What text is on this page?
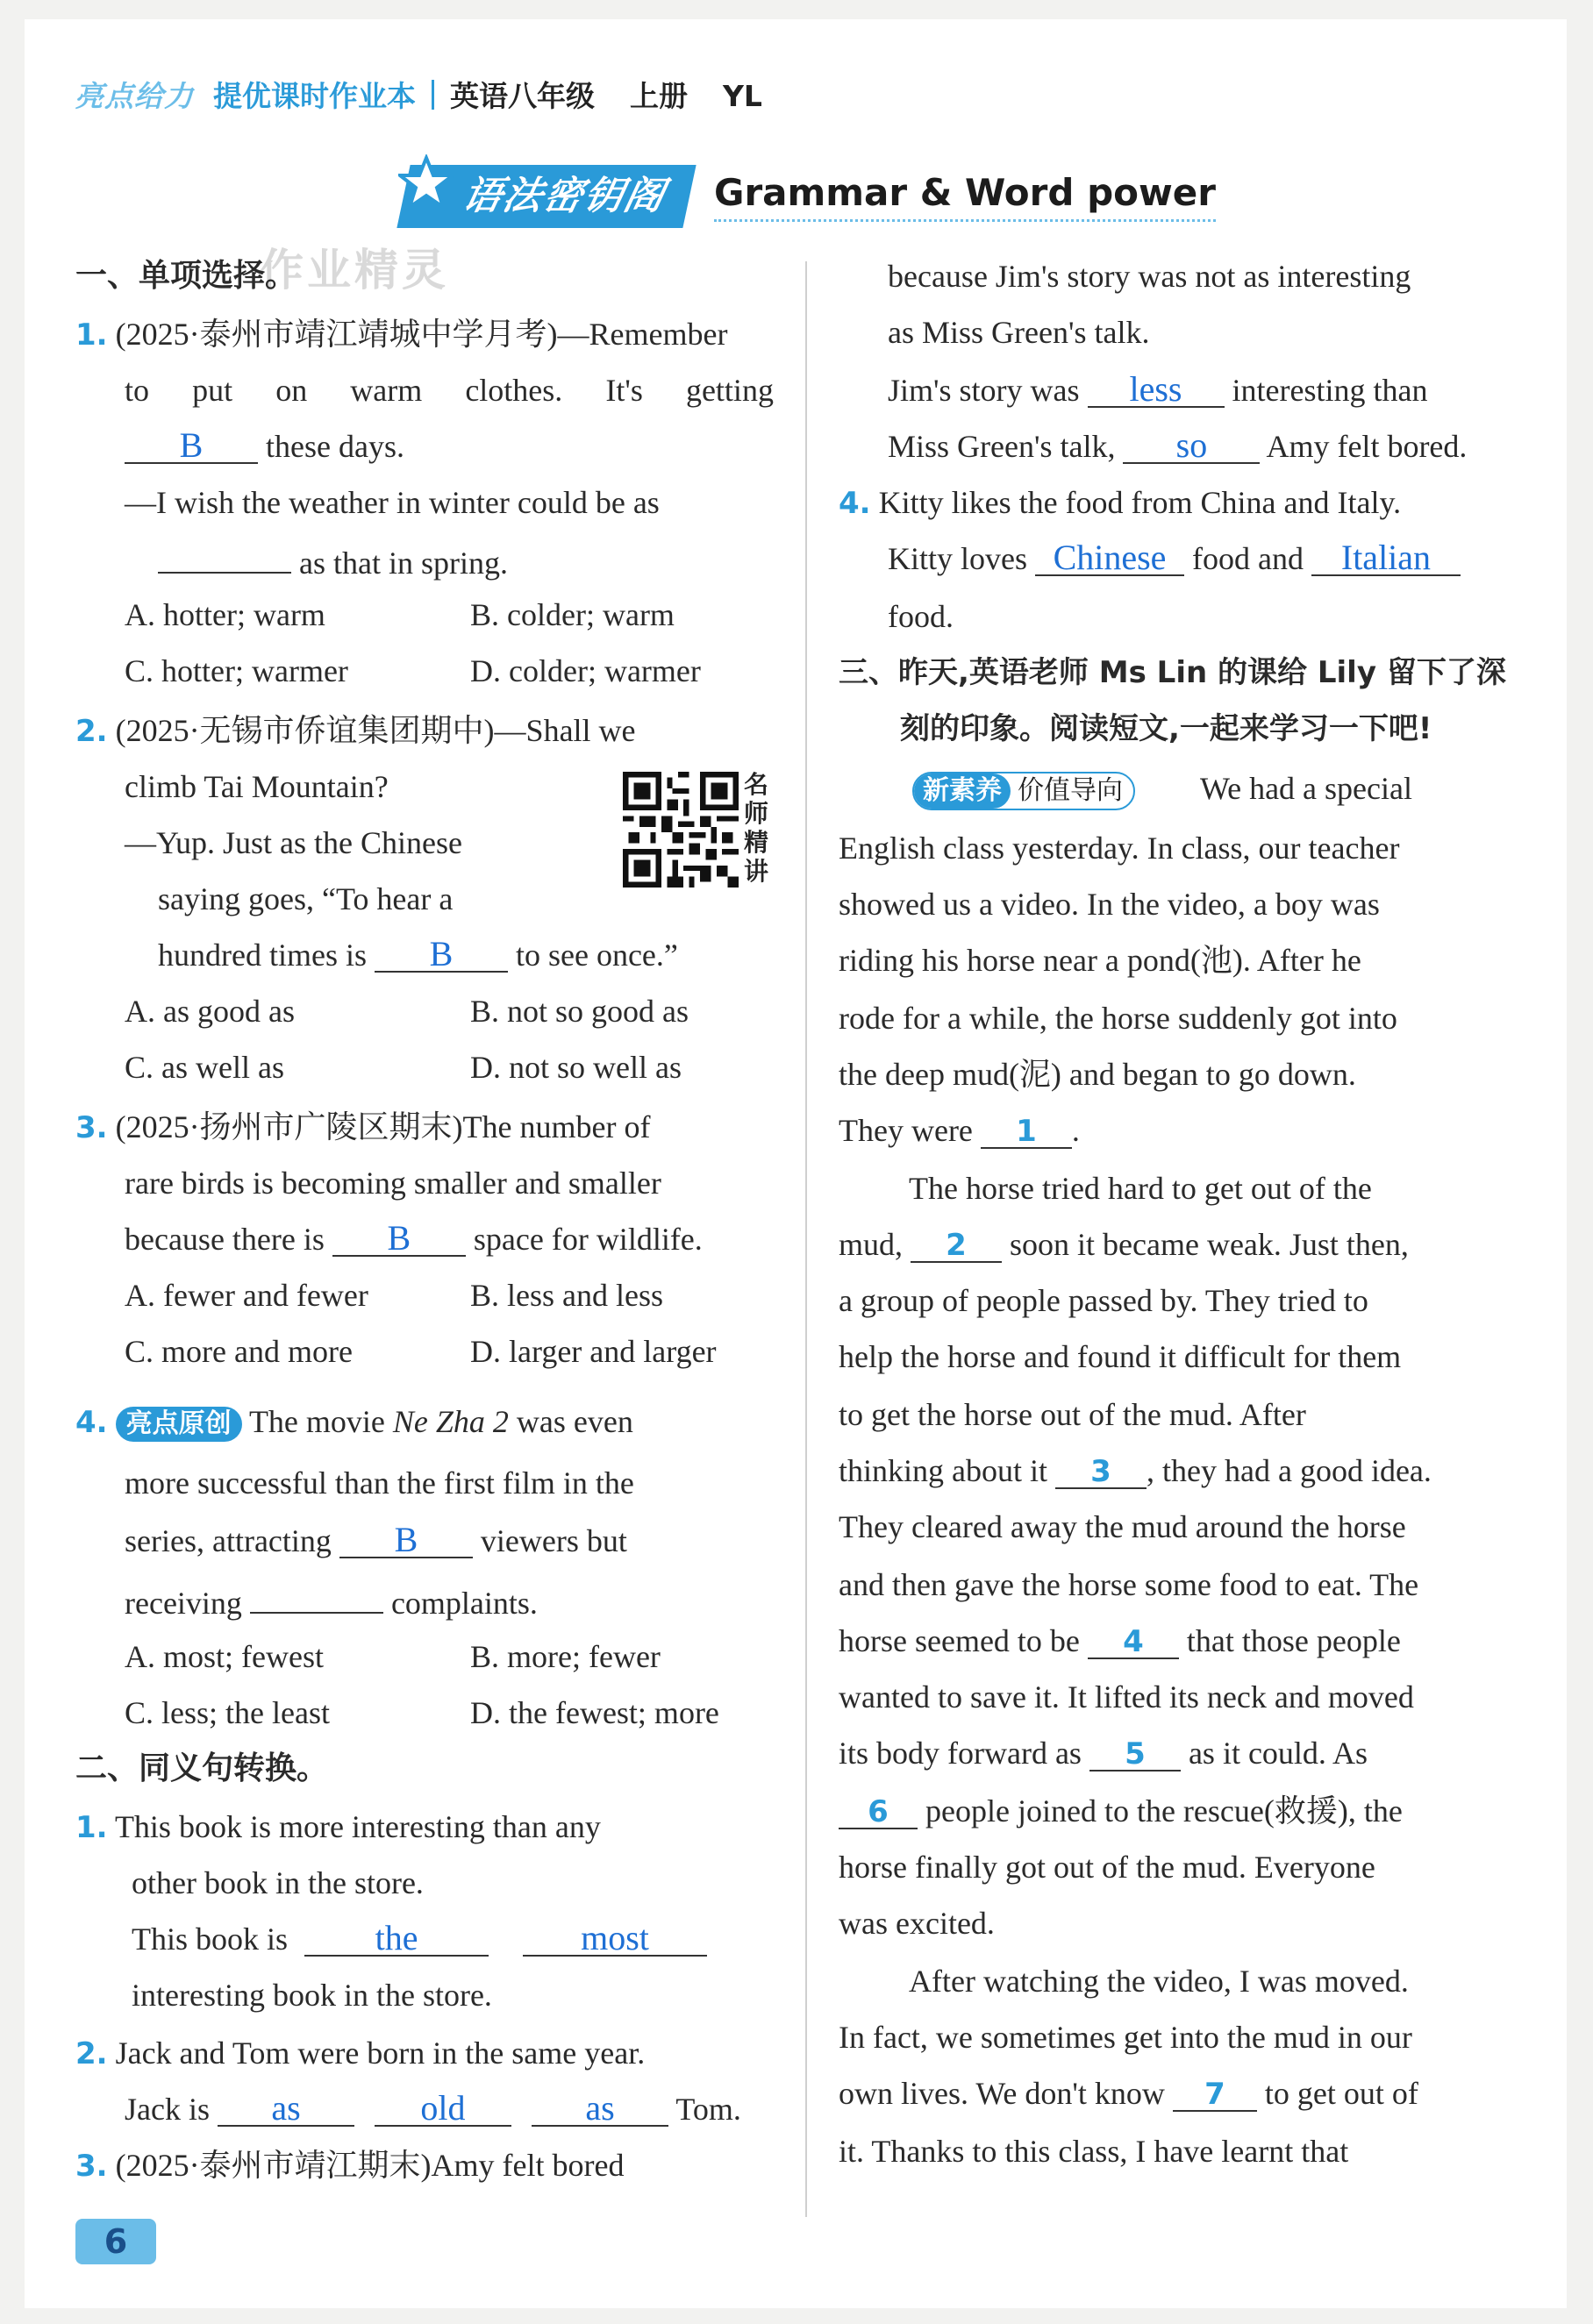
亮点给力 提优课时作业本 英语八年级 上册 YL
语法密钥阁	Grammar & Word power
作业精灵
一、单项选择。
1. (2025·泰州市靖江靖城中学月考)—Remember
to put on warm clothes. It's getting
B these days.
—I wish the weather in winter could be as
as that in spring.
A. hotter; warm	B. colder; warm
C. hotter; warmer	D. colder; warmer
2. (2025·无锡市侨谊集团期中)—Shall we
climb Tai Mountain?	名师精讲
—Yup. Just as the Chinese
saying goes, “To hear a
hundred times is B to see once.”
A. as good as	B. not so good as
C. as well as	D. not so well as
3. (2025·扬州市广陵区期末)The number of
rare birds is becoming smaller and smaller
because there is B space for wildlife.
A. fewer and fewer	B. less and less
C. more and more	D. larger and larger
4. 亮点原创 The movie Ne Zha 2 was even
more successful than the first film in the
series, attracting B viewers but
receiving	complaints.
A. most; fewest	B. more; fewer
C. less; the least	D. the fewest; more
二、同义句转换。
1. This book is more interesting than any
other book in the store.
This book is the	most
interesting book in the store.
2. Jack and Tom were born in the same year.
Jack is as	old	as Tom.
3. (2025·泰州市靖江期末)Amy felt bored
because Jim's story was not as interesting
as Miss Green's talk.
Jim's story was less interesting than
Miss Green's talk, so Amy felt bored.
4. Kitty likes the food from China and Italy.
Kitty loves Chinese food and Italian
food.
三、昨天,英语老师 Ms Lin 的课给 Lily 留下了深
刻的印象。阅读短文,一起来学习一下吧!
新素养 价值导向	We had a special
English class yesterday. In class, our teacher
showed us a video. In the video, a boy was
riding his horse near a pond(池). After he
rode for a while, the horse suddenly got into
the deep mud(泥) and began to go down.
They were 1 .
The horse tried hard to get out of the
mud, 2 soon it became weak. Just then,
a group of people passed by. They tried to
help the horse and found it difficult for them
to get the horse out of the mud. After
thinking about it 3 , they had a good idea.
They cleared away the mud around the horse
and then gave the horse some food to eat. The
horse seemed to be 4 that those people
wanted to save it. It lifted its neck and moved
its body forward as 5 as it could. As
6 people joined to the rescue(救援), the
horse finally got out of the mud. Everyone
was excited.
After watching the video, I was moved.
In fact, we sometimes get into the mud in our
own lives. We don't know 7 to get out of
it. Thanks to this class, I have learnt that
6
